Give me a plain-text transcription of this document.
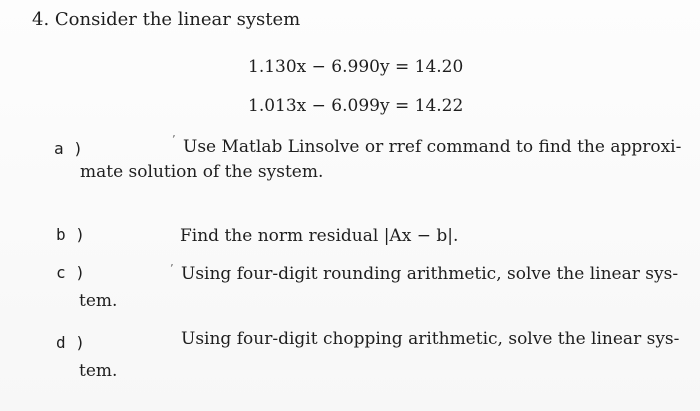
4. Consider the linear system
1.130x − 6.990y = 14.20
1.013x − 6.099y = 14.22
a )	’ Use Matlab Linsolve or rref command to find the approxi-
mate solution of the system.
b )	Find the norm residual |Ax − b|.
c )	’ Using four-digit rounding arithmetic, solve the linear sys-
tem.
d )	Using four-digit chopping arithmetic, solve the linear sys-
tem.
